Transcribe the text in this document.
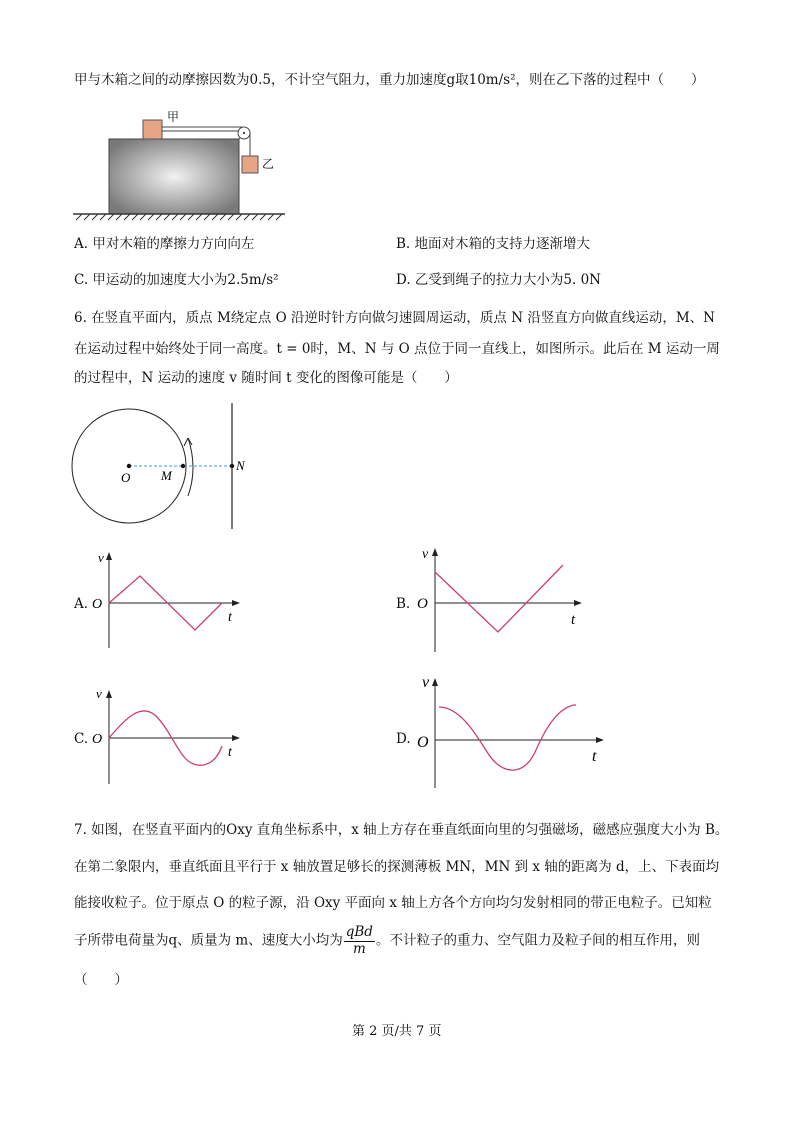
甲与木箱之间的动摩擦因数为0.5，不计空气阻力，重力加速度g取10m/s²，则在乙下落的过程中（　　）
甲
乙
A. 甲对木箱的摩擦力方向向左	B. 地面对木箱的支持力逐渐增大
C. 甲运动的加速度大小为2.5m/s²	D. 乙受到绳子的拉力大小为5. 0N
6. 在竖直平面内，质点 M绕定点 O 沿逆时针方向做匀速圆周运动，质点 N 沿竖直方向做直线运动，M、N
在运动过程中始终处于同一高度。t = 0时，M、N 与 O 点位于同一直线上，如图所示。此后在 M 运动一周
的过程中，N 运动的速度 v 随时间 t 变化的图像可能是（　　）
O M
N
A.
v
O
t
B.
v
O
t
C.
v
O
t
D.
v
O
t
7. 如图，在竖直平面内的Oxy 直角坐标系中，x 轴上方存在垂直纸面向里的匀强磁场，磁感应强度大小为 B。
在第二象限内，垂直纸面且平行于 x 轴放置足够长的探测薄板 MN，MN 到 x 轴的距离为 d，上、下表面均
能接收粒子。位于原点 O 的粒子源，沿 Oxy 平面向 x 轴上方各个方向均匀发射相同的带正电粒子。已知粒
子所带电荷量为q、质量为 m、速度大小均为 $\frac{\text{qBd}}{m}$ 。不计粒子的重力、空气阻力及粒子间的相互作用，则
（　　）
第 2 页/共 7 页
